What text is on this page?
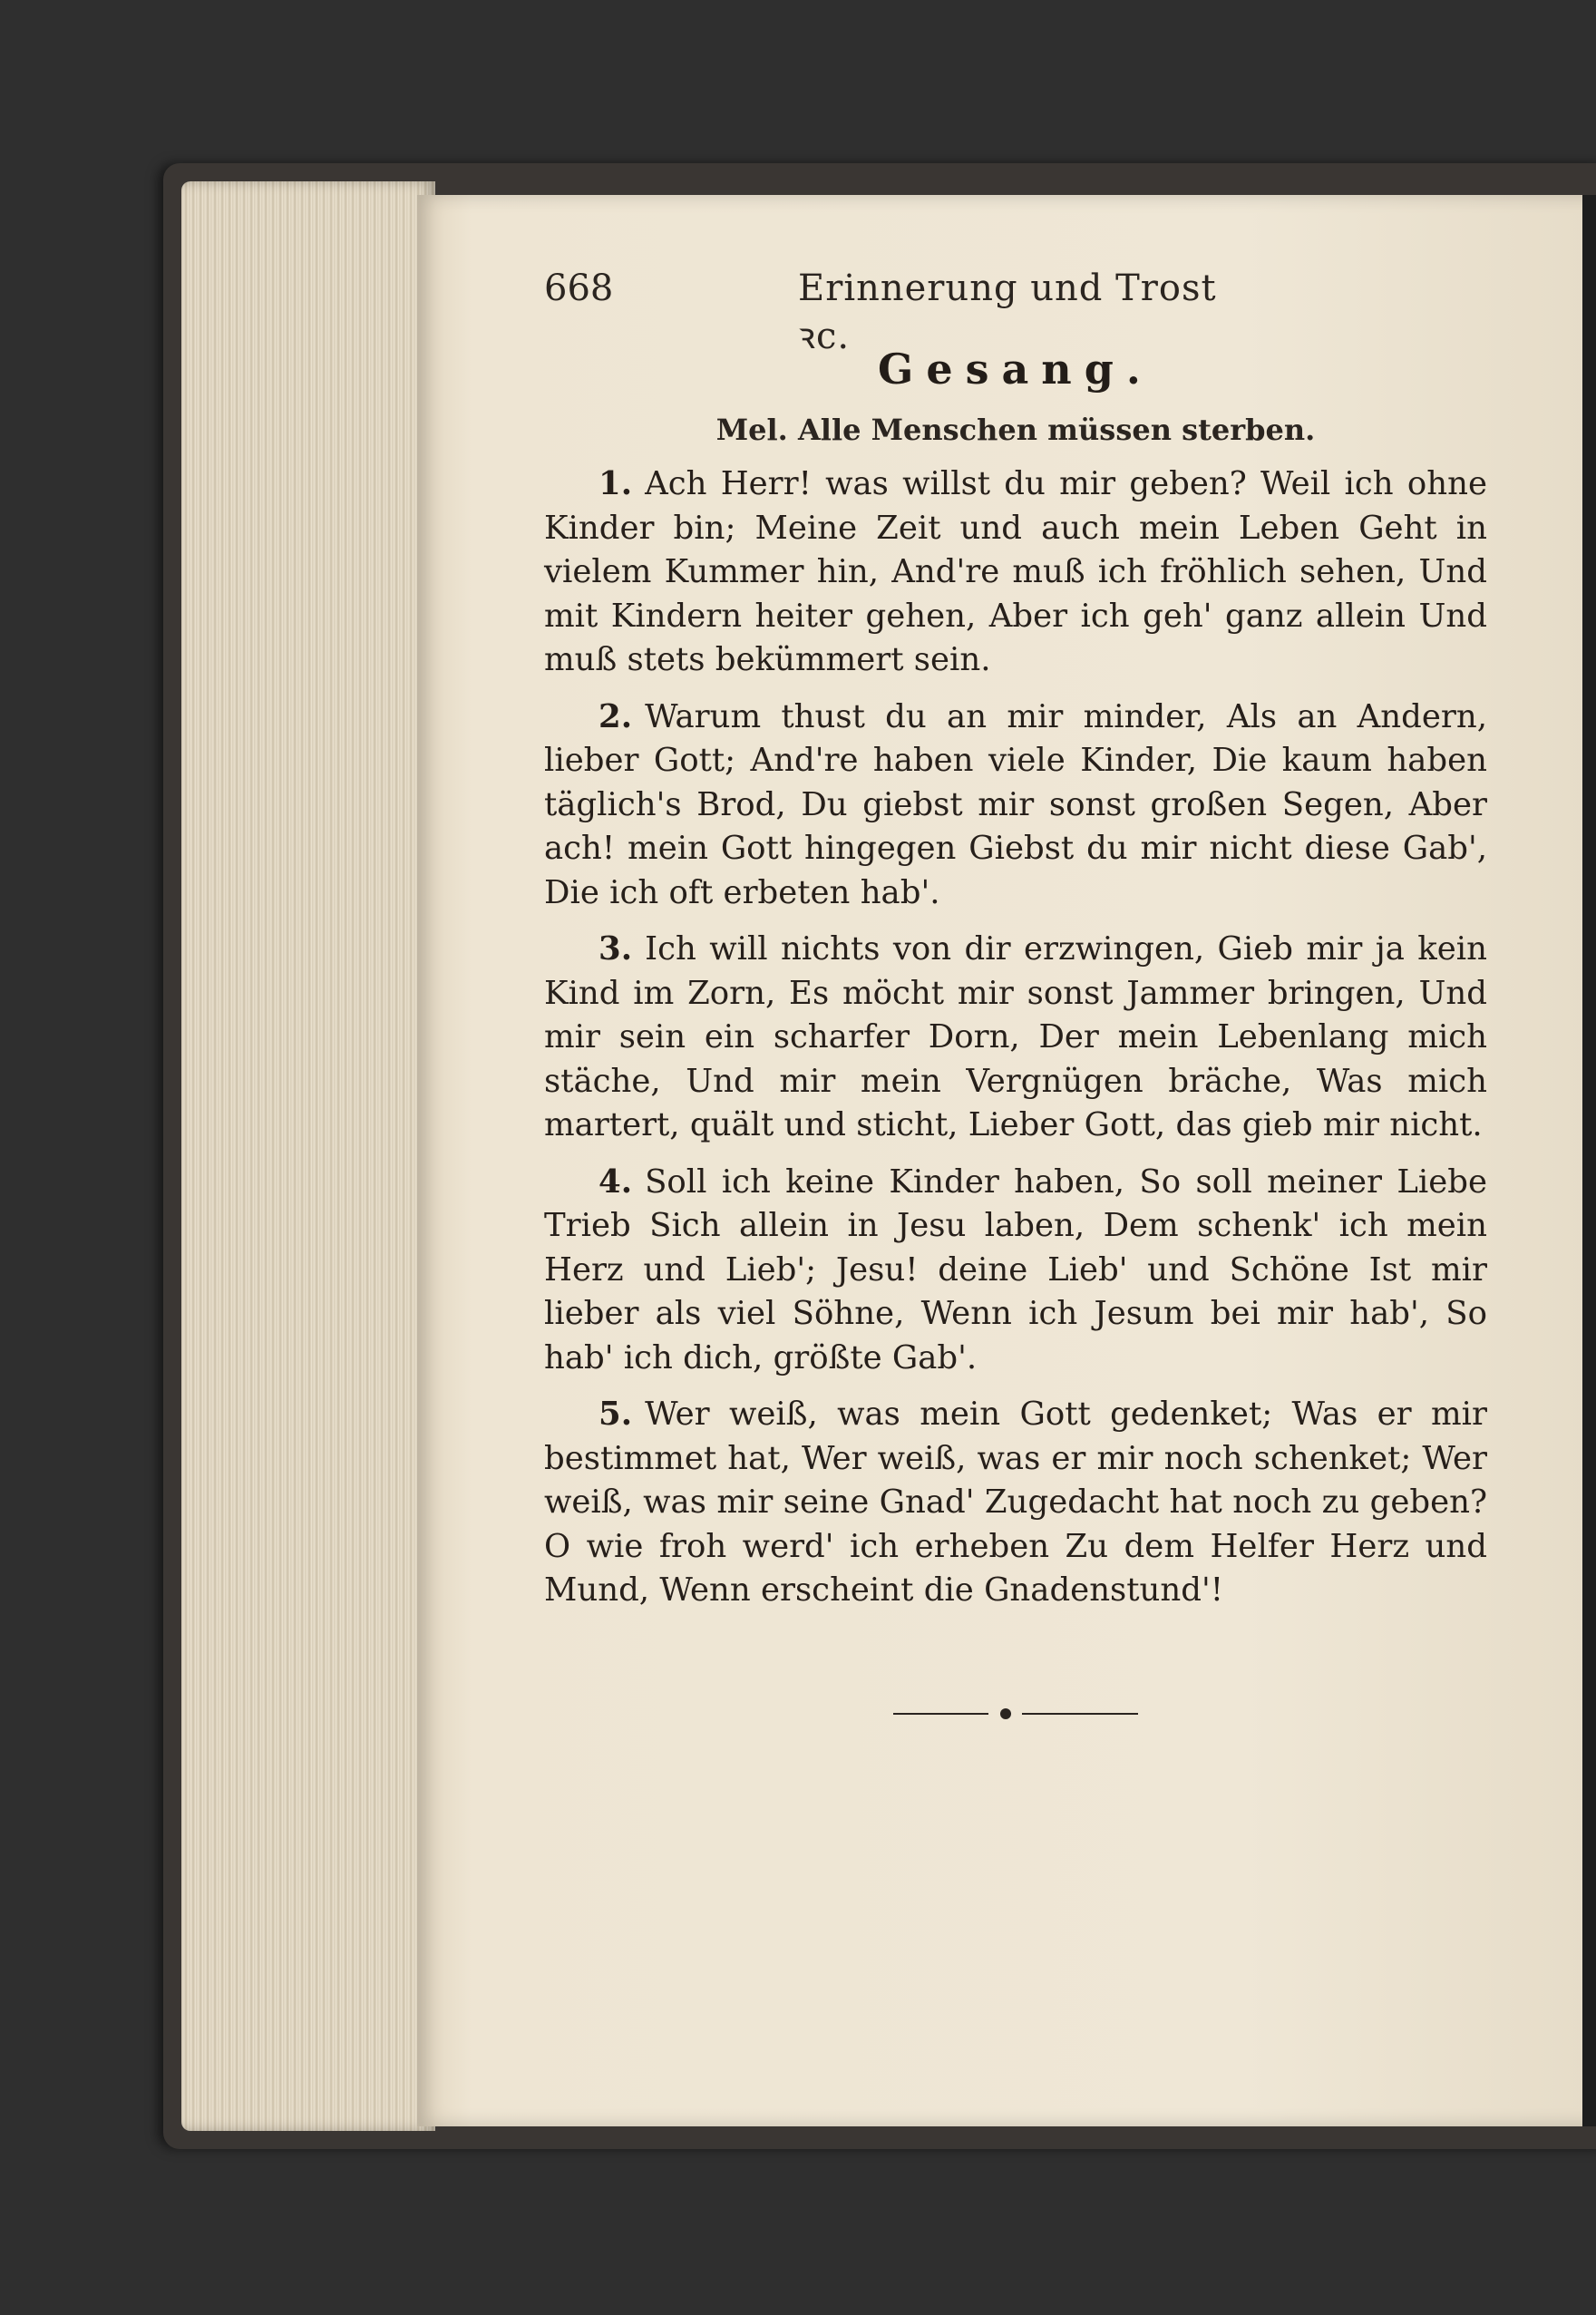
668	Erinnerung und Trost ꝛc.
Gesang.
Mel. Alle Menschen müssen sterben.

1. Ach Herr! was willst du mir geben? Weil ich ohne Kinder bin; Meine Zeit und auch mein Leben Geht in vielem Kummer hin, And're muß ich fröhlich sehen, Und mit Kindern heiter gehen, Aber ich geh' ganz allein Und muß stets bekümmert sein.

2. Warum thust du an mir minder, Als an Andern, lieber Gott; And're haben viele Kinder, Die kaum haben täglich's Brod, Du giebst mir sonst großen Segen, Aber ach! mein Gott hingegen Giebst du mir nicht diese Gab', Die ich oft erbeten hab'.

3. Ich will nichts von dir erzwingen, Gieb mir ja kein Kind im Zorn, Es möcht mir sonst Jammer bringen, Und mir sein ein scharfer Dorn, Der mein Lebenlang mich stäche, Und mir mein Vergnügen bräche, Was mich martert, quält und sticht, Lieber Gott, das gieb mir nicht.

4. Soll ich keine Kinder haben, So soll meiner Liebe Trieb Sich allein in Jesu laben, Dem schenk' ich mein Herz und Lieb'; Jesu! deine Lieb' und Schöne Ist mir lieber als viel Söhne, Wenn ich Jesum bei mir hab', So hab' ich dich, größte Gab'.

5. Wer weiß, was mein Gott gedenket; Was er mir bestimmet hat, Wer weiß, was er mir noch schenket; Wer weiß, was mir seine Gnad' Zugedacht hat noch zu geben? O wie froh werd' ich erheben Zu dem Helfer Herz und Mund, Wenn erscheint die Gnadenstund'!
